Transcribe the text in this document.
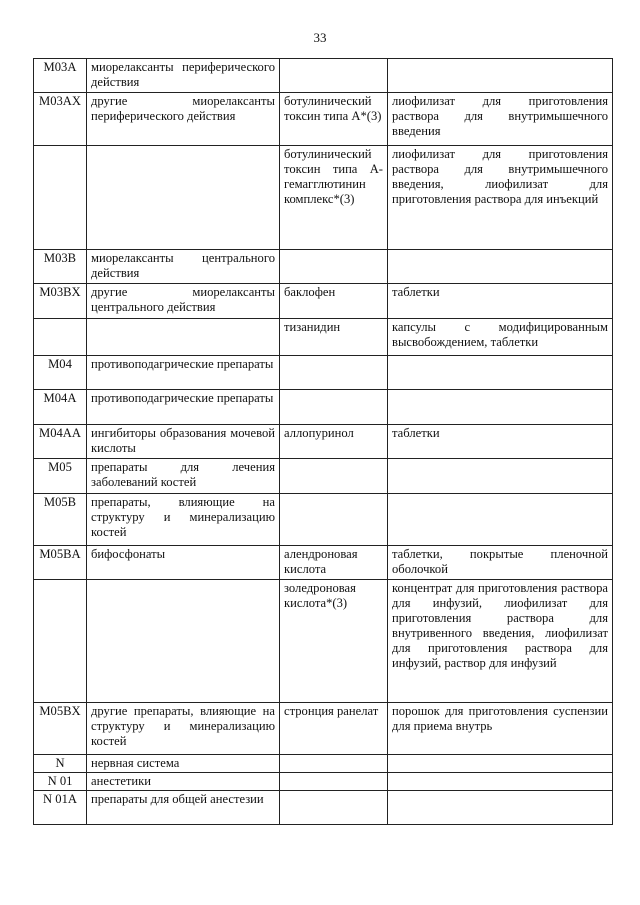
33
M03A	миорелаксанты периферического действия		
M03AX	другие миорелаксанты периферического действия	ботулинический токсин типа А*(3)	лиофилизат для приготовления раствора для внутримышечного введения
		ботулинический токсин типа А-гемагглютинин комплекс*(3)	лиофилизат для приготовления раствора для внутримышечного введения, лиофилизат для приготовления раствора для инъекций
M03B	миорелаксанты центрального действия		
M03BX	другие миорелаксанты центрального действия	баклофен	таблетки
		тизанидин	капсулы с модифицированным высвобождением, таблетки
M04	противоподагрические препараты		
M04A	противоподагрические препараты		
M04AA	ингибиторы образования мочевой кислоты	аллопуринол	таблетки
M05	препараты для лечения заболеваний костей		
M05B	препараты, влияющие на структуру и минерализацию костей		
M05BA	бифосфонаты	алендроновая кислота	таблетки, покрытые пленочной оболочкой
		золедроновая кислота*(3)	концентрат для приготовления раствора для инфузий, лиофилизат для приготовления раствора для внутривенного введения, лиофилизат для приготовления раствора для инфузий, раствор для инфузий
M05BX	другие препараты, влияющие на структуру и минерализацию костей	стронция ранелат	порошок для приготовления суспензии для приема внутрь
N	нервная система		
N 01	анестетики		
N 01A	препараты для общей анестезии		
